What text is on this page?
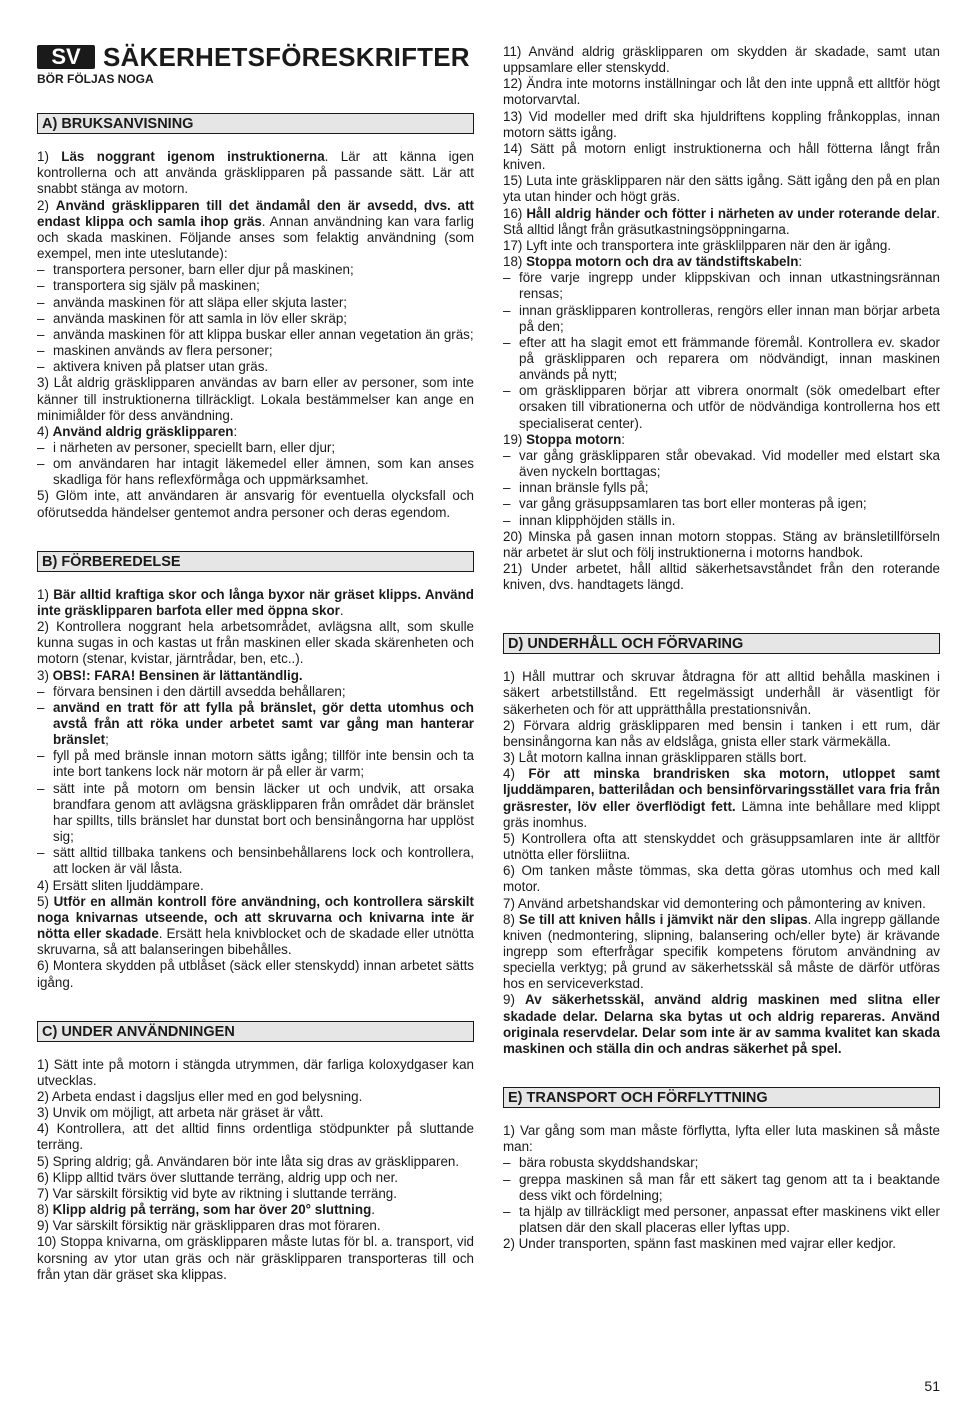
SV SÄKERHETSFÖRESKRIFTER
BÖR FÖLJAS NOGA
A) BRUKSANVISNING

1) Läs noggrant igenom instruktionerna. Lär att känna igen kontrollerna och att använda gräsklipparen på passande sätt. Lär att snabbt stänga av motorn.

2) Använd gräsklipparen till det ändamål den är avsedd, dvs. att endast klippa och samla ihop gräs. Annan användning kan vara farlig och skada maskinen. Följande anses som felaktig användning (som exempel, men inte uteslutande):

– transportera personer, barn eller djur på maskinen;
– transportera sig själv på maskinen;
– använda maskinen för att släpa eller skjuta laster;
– använda maskinen för att samla in löv eller skräp;
– använda maskinen för att klippa buskar eller annan vegetation än gräs;
– maskinen används av flera personer;
– aktivera kniven på platser utan gräs.

3) Låt aldrig gräsklipparen användas av barn eller av personer, som inte känner till instruktionerna tillräckligt. Lokala bestämmelser kan ange en minimiålder för dess användning.

4) Använd aldrig gräsklipparen:

– i närheten av personer, speciellt barn, eller djur;
– om användaren har intagit läkemedel eller ämnen, som kan anses skadliga för hans reflexförmåga och uppmärksamhet.

5) Glöm inte, att användaren är ansvarig för eventuella olycksfall och oförutsedda händelser gentemot andra personer och deras egendom.

B) FÖRBEREDELSE

1) Bär alltid kraftiga skor och långa byxor när gräset klipps. Använd inte gräsklipparen barfota eller med öppna skor.

2) Kontrollera noggrant hela arbetsområdet, avlägsna allt, som skulle kunna sugas in och kastas ut från maskinen eller skada skärenheten och motorn (stenar, kvistar, järntrådar, ben, etc..).

3) OBS!: FARA! Bensinen är lättantändlig.

– förvara bensinen i den därtill avsedda behållaren;
– använd en tratt för att fylla på bränslet, gör detta utomhus och avstå från att röka under arbetet samt var gång man hanterar bränslet;
– fyll på med bränsle innan motorn sätts igång; tillför inte bensin och ta inte bort tankens lock när motorn är på eller är varm;
– sätt inte på motorn om bensin läcker ut och undvik, att orsaka brandfara genom att avlägsna gräsklipparen från området där bränslet har spillts, tills bränslet har dunstat bort och bensinångorna har upplöst sig;
– sätt alltid tillbaka tankens och bensinbehållarens lock och kontrollera, att locken är väl låsta.

4) Ersätt sliten ljuddämpare.

5) Utför en allmän kontroll före användning, och kontrollera särskilt noga knivarnas utseende, och att skruvarna och knivarna inte är nötta eller skadade. Ersätt hela knivblocket och de skadade eller utnötta skruvarna, så att balanseringen bibehålles.

6) Montera skydden på utblåset (säck eller stenskydd) innan arbetet sätts igång.

C) UNDER ANVÄNDNINGEN

1) Sätt inte på motorn i stängda utrymmen, där farliga koloxydgaser kan utvecklas.

2) Arbeta endast i dagsljus eller med en god belysning.

3) Unvik om möjligt, att arbeta när gräset är vått.

4) Kontrollera, att det alltid finns ordentliga stödpunkter på sluttande terräng.

5) Spring aldrig; gå. Användaren bör inte låta sig dras av gräsklipparen.

6) Klipp alltid tvärs över sluttande terräng, aldrig upp och ner.

7) Var särskilt försiktig vid byte av riktning i sluttande terräng.

8) Klipp aldrig på terräng, som har över 20° sluttning.

9) Var särskilt försiktig när gräsklipparen dras mot föraren.

10) Stoppa knivarna, om gräsklipparen måste lutas för bl. a. transport, vid korsning av ytor utan gräs och när gräsklipparen transporteras till och från ytan där gräset ska klippas.

11) Använd aldrig gräsklipparen om skydden är skadade, samt utan uppsamlare eller stenskydd.

12) Ändra inte motorns inställningar och låt den inte uppnå ett alltför högt motorvarvtal.

13) Vid modeller med drift ska hjuldriftens koppling frånkopplas, innan motorn sätts igång.

14) Sätt på motorn enligt instruktionerna och håll fötterna långt från kniven.

15) Luta inte gräsklipparen när den sätts igång. Sätt igång den på en plan yta utan hinder och högt gräs.

16) Håll aldrig händer och fötter i närheten av under roterande delar. Stå alltid långt från gräsutkastningsöppningarna.

17) Lyft inte och transportera inte gräsklilpparen när den är igång.

18) Stoppa motorn och dra av tändstiftskabeln:

– före varje ingrepp under klippskivan och innan utkastningsrännan rensas;
– innan gräsklipparen kontrolleras, rengörs eller innan man börjar arbeta på den;
– efter att ha slagit emot ett främmande föremål. Kontrollera ev. skador på gräsklipparen och reparera om nödvändigt, innan maskinen används på nytt;
– om gräsklipparen börjar att vibrera onormalt (sök omedelbart efter orsaken till vibrationerna och utför de nödvändiga kontrollerna hos ett specialiserat center).

19) Stoppa motorn:

– var gång gräsklipparen står obevakad. Vid modeller med elstart ska även nyckeln borttagas;
– innan bränsle fylls på;
– var gång gräsuppsamlaren tas bort eller monteras på igen;
– innan klipphöjden ställs in.

20) Minska på gasen innan motorn stoppas. Stäng av bränsletillförseln när arbetet är slut och följ instruktionerna i motorns handbok.

21) Under arbetet, håll alltid säkerhetsavståndet från den roterande kniven, dvs. handtagets längd.

D) UNDERHÅLL OCH FÖRVARING

1) Håll muttrar och skruvar åtdragna för att alltid behålla maskinen i säkert arbetstillstånd. Ett regelmässigt underhåll är väsentligt för säkerheten och för att upprätthålla prestationsnivån.

2) Förvara aldrig gräsklipparen med bensin i tanken i ett rum, där bensinångorna kan nås av eldslåga, gnista eller stark värmekälla.

3) Låt motorn kallna innan gräsklipparen ställs bort.

4) För att minska brandrisken ska motorn, utloppet samt ljuddämparen, batterilådan och bensinförvaringsstället vara fria från gräsrester, löv eller överflödigt fett. Lämna inte behållare med klippt gräs inomhus.

5) Kontrollera ofta att stenskyddet och gräsuppsamlaren inte är alltför utnötta eller försliitna.

6) Om tanken måste tömmas, ska detta göras utomhus och med kall motor.

7) Använd arbetshandskar vid demontering och påmontering av kniven.

8) Se till att kniven hålls i jämvikt när den slipas. Alla ingrepp gällande kniven (nedmontering, slipning, balansering och/eller byte) är krävande ingrepp som efterfrågar specifik kompetens förutom användning av speciella verktyg; på grund av säkerhetsskäl så måste de därför utföras hos en serviceverkstad.

9) Av säkerhetsskäl, använd aldrig maskinen med slitna eller skadade delar. Delarna ska bytas ut och aldrig repareras. Använd originala reservdelar. Delar som inte är av samma kvalitet kan skada maskinen och ställa din och andras säkerhet på spel.

E) TRANSPORT OCH FÖRFLYTTNING

1) Var gång som man måste förflytta, lyfta eller luta maskinen så måste man:

– bära robusta skyddshandskar;
– greppa maskinen så man får ett säkert tag genom att ta i beaktande dess vikt och fördelning;
– ta hjälp av tillräckligt med personer, anpassat efter maskinens vikt eller platsen där den skall placeras eller lyftas upp.

2) Under transporten, spänn fast maskinen med vajrar eller kedjor.

51
